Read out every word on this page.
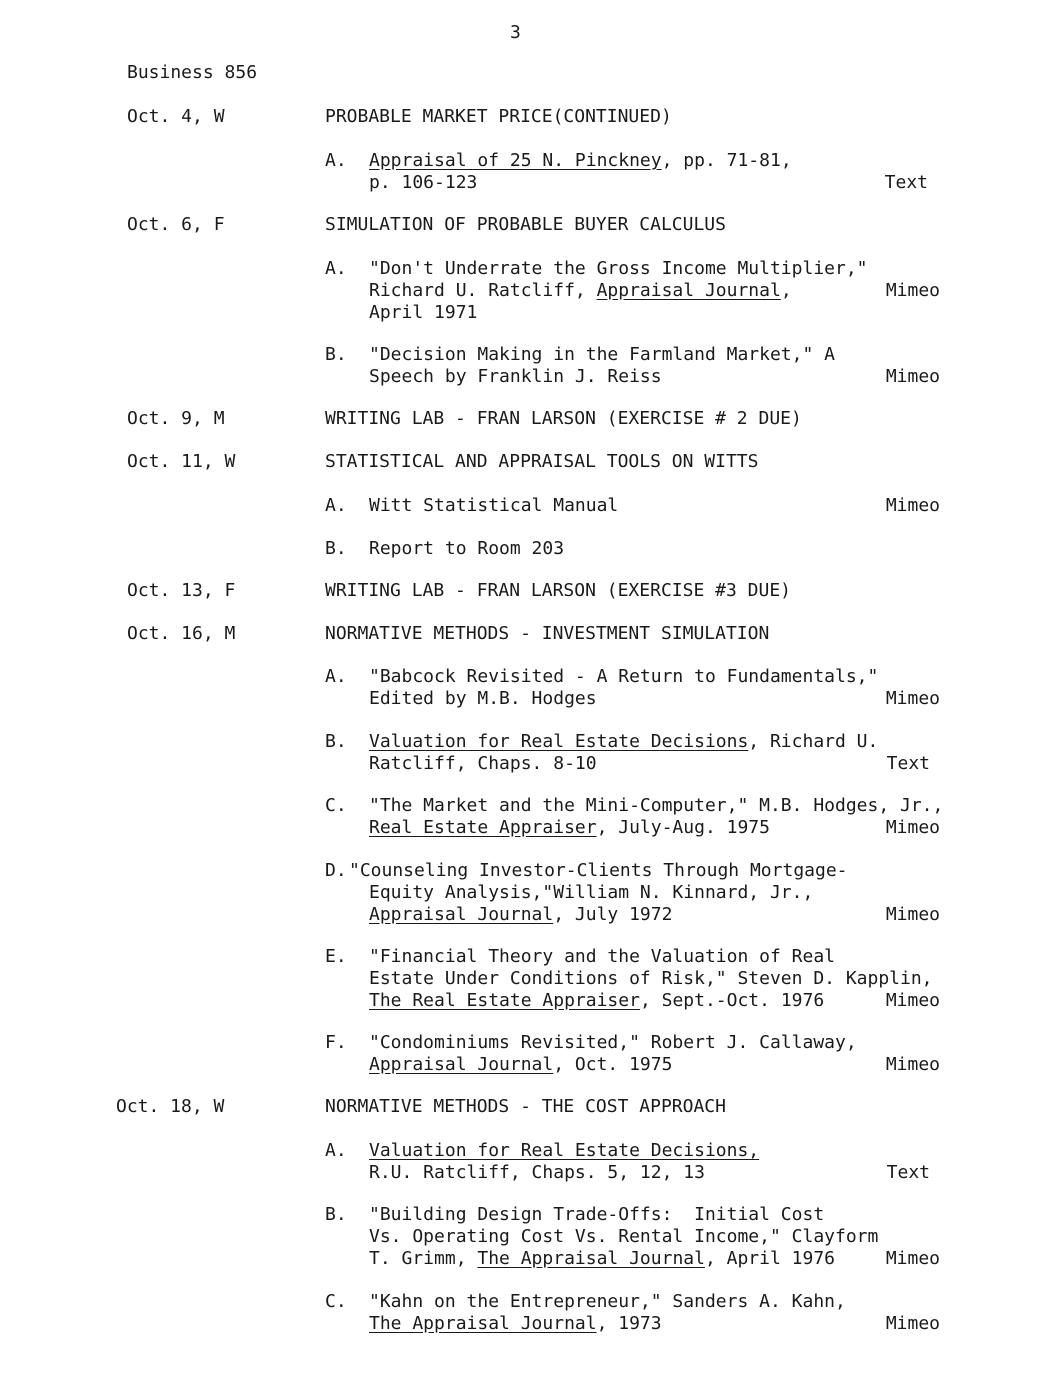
3
Business 856
Oct. 4, W	PROBABLE MARKET PRICE(CONTINUED)
A. Appraisal of 25 N. Pinckney, pp. 71-81,
p. 106-123	Text
Oct. 6, F	SIMULATION OF PROBABLE BUYER CALCULUS
A. "Don't Underrate the Gross Income Multiplier,"
Richard U. Ratcliff, Appraisal Journal,	Mimeo
April 1971
B. "Decision Making in the Farmland Market," A
Speech by Franklin J. Reiss	Mimeo
Oct. 9, M	WRITING LAB - FRAN LARSON (EXERCISE # 2 DUE)
Oct. 11, W	STATISTICAL AND APPRAISAL TOOLS ON WITTS
A. Witt Statistical Manual	Mimeo
B. Report to Room 203
Oct. 13, F	WRITING LAB - FRAN LARSON (EXERCISE #3 DUE)
Oct. 16, M	NORMATIVE METHODS - INVESTMENT SIMULATION
A. "Babcock Revisited - A Return to Fundamentals,"
Edited by M.B. Hodges	Mimeo
B. Valuation for Real Estate Decisions, Richard U.
Ratcliff, Chaps. 8-10	Text
C. "The Market and the Mini-Computer," M.B. Hodges, Jr.,
Real Estate Appraiser, July-Aug. 1975	Mimeo
D. "Counseling Investor-Clients Through Mortgage-
Equity Analysis,"William N. Kinnard, Jr.,
Appraisal Journal, July 1972	Mimeo
E. "Financial Theory and the Valuation of Real
Estate Under Conditions of Risk," Steven D. Kapplin,
The Real Estate Appraiser, Sept.-Oct. 1976	Mimeo
F. "Condominiums Revisited," Robert J. Callaway,
Appraisal Journal, Oct. 1975	Mimeo
Oct. 18, W	NORMATIVE METHODS - THE COST APPROACH
A. Valuation for Real Estate Decisions,
R.U. Ratcliff, Chaps. 5, 12, 13	Text
B. "Building Design Trade-Offs:  Initial Cost
Vs. Operating Cost Vs. Rental Income," Clayform
T. Grimm, The Appraisal Journal, April 1976	Mimeo
C. "Kahn on the Entrepreneur," Sanders A. Kahn,
The Appraisal Journal, 1973	Mimeo
